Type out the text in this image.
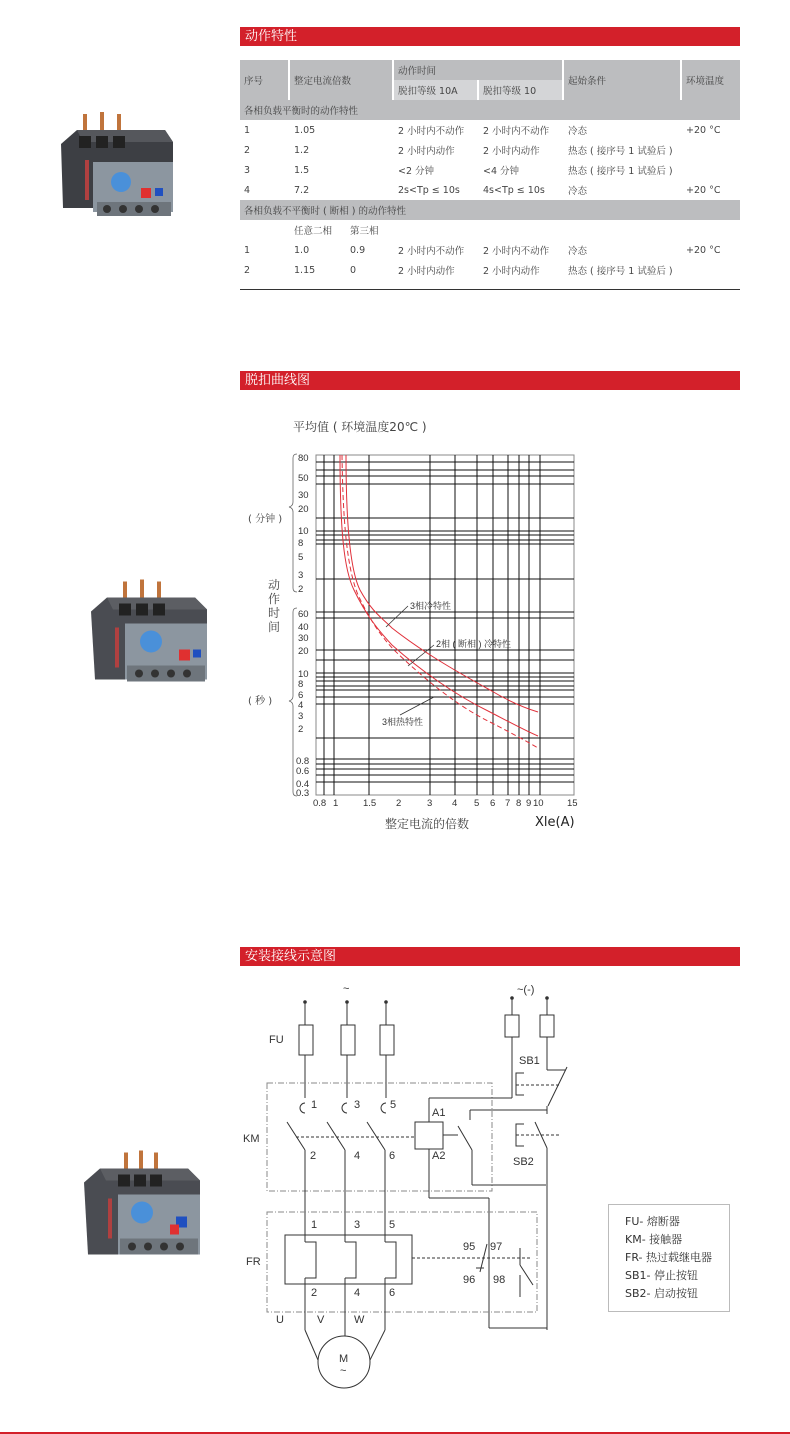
动作特性
序号	整定电流倍数		动作时间		起始条件	环境温度
			脱扣等级 10A	脱扣等级 10		
各相负载平衡时的动作特性						
1	1.05		2 小时内不动作	2 小时内不动作	冷态	+20 °C
2	1.2		2 小时内动作	2 小时内动作	热态 ( 接序号 1 试验后 )	
3	1.5		<2 分钟	<4 分钟	热态 ( 接序号 1 试验后 )	
4	7.2		2s<Tp ≤ 10s	4s<Tp ≤ 10s	冷态	+20 °C
各相负载不平衡时 ( 断相 ) 的动作特性						
	任意二相	第三相				
1	1.0	0.9	2 小时内不动作	2 小时内不动作	冷态	+20 °C
2	1.15	0	2 小时内动作	2 小时内动作	热态 ( 接序号 1 试验后 )	
脱扣曲线图
平均值 ( 环境温度20℃ )
( 分钟 )
( 秒 )
动作时间
整定电流的倍数	Xle(A)
80
50
30
20
10
8
5
3
2
60
40
30
20
10
8
6
4
3
2
0.8
0.6
0.4
0.3
0.8 1	1.5 2	3 4 5 6 7 8 9 10 15
3相冷特性
2相 ( 断相 ) 冷特性
3相热特性
安装接线示意图
~	~(-)
FU
KM
FR
SB1
SB2
A1
A2
1	3	5
2	4	6
1	3	5
2	4	6
95 97
96 98
U	V	W
M
~
FU- 熔断器
KM- 接触器
FR- 热过载继电器
SB1- 停止按钮
SB2- 启动按钮
